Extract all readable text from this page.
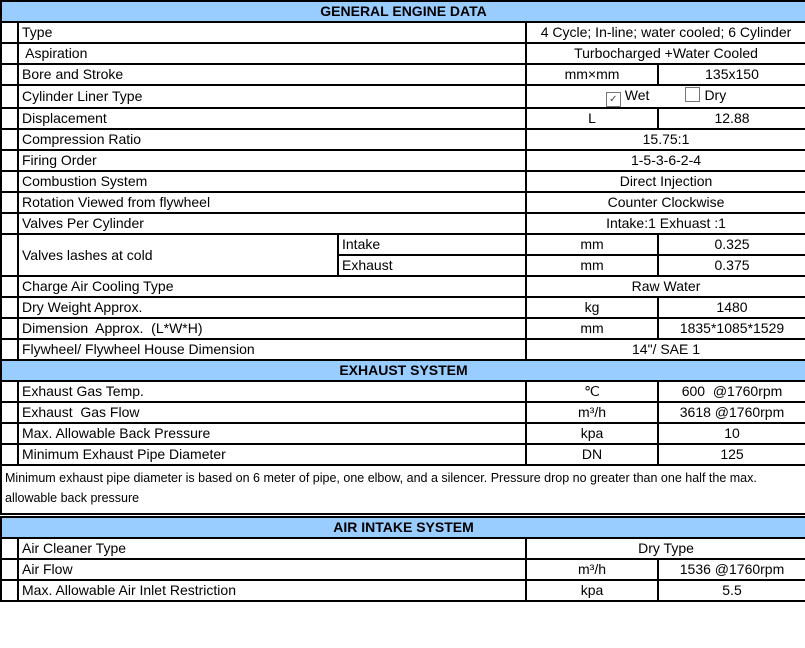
GENERAL ENGINE DATA				
	Type		4 Cycle; In-line; water cooled; 6 Cylinder	
	Aspiration		Turbocharged +Water Cooled	
	Bore and Stroke		mm×mm	135x150
	Cylinder Liner Type		✓ Wet Dry	
	Displacement		L	12.88
	Compression Ratio		15.75:1	
	Firing Order		1-5-3-6-2-4	
	Combustion System		Direct Injection	
	Rotation Viewed from flywheel		Counter Clockwise	
	Valves Per Cylinder		Intake:1 Exhuast :1	
	Valves lashes at cold	Intake	mm	0.325
		Exhaust	mm	0.375
	Charge Air Cooling Type		Raw Water	
	Dry Weight Approx.		kg	1480
	Dimension  Approx.  (L*W*H)		mm	1835*1085*1529
	Flywheel/ Flywheel House Dimension		14"/ SAE 1	
EXHAUST SYSTEM				
	Exhaust Gas Temp.		℃	600  @1760rpm
	Exhaust  Gas Flow		m³/h	3618 @1760rpm
	Max. Allowable Back Pressure		kpa	10
	Minimum Exhaust Pipe Diameter		DN	125
Minimum exhaust pipe diameter is based on 6 meter of pipe, one elbow, and a silencer. Pressure drop no greater than one half the max. allowable back pressure				

AIR INTAKE SYSTEM				
	Air Cleaner Type		Dry Type	
	Air Flow		m³/h	1536 @1760rpm
	Max. Allowable Air Inlet Restriction		kpa	5.5
